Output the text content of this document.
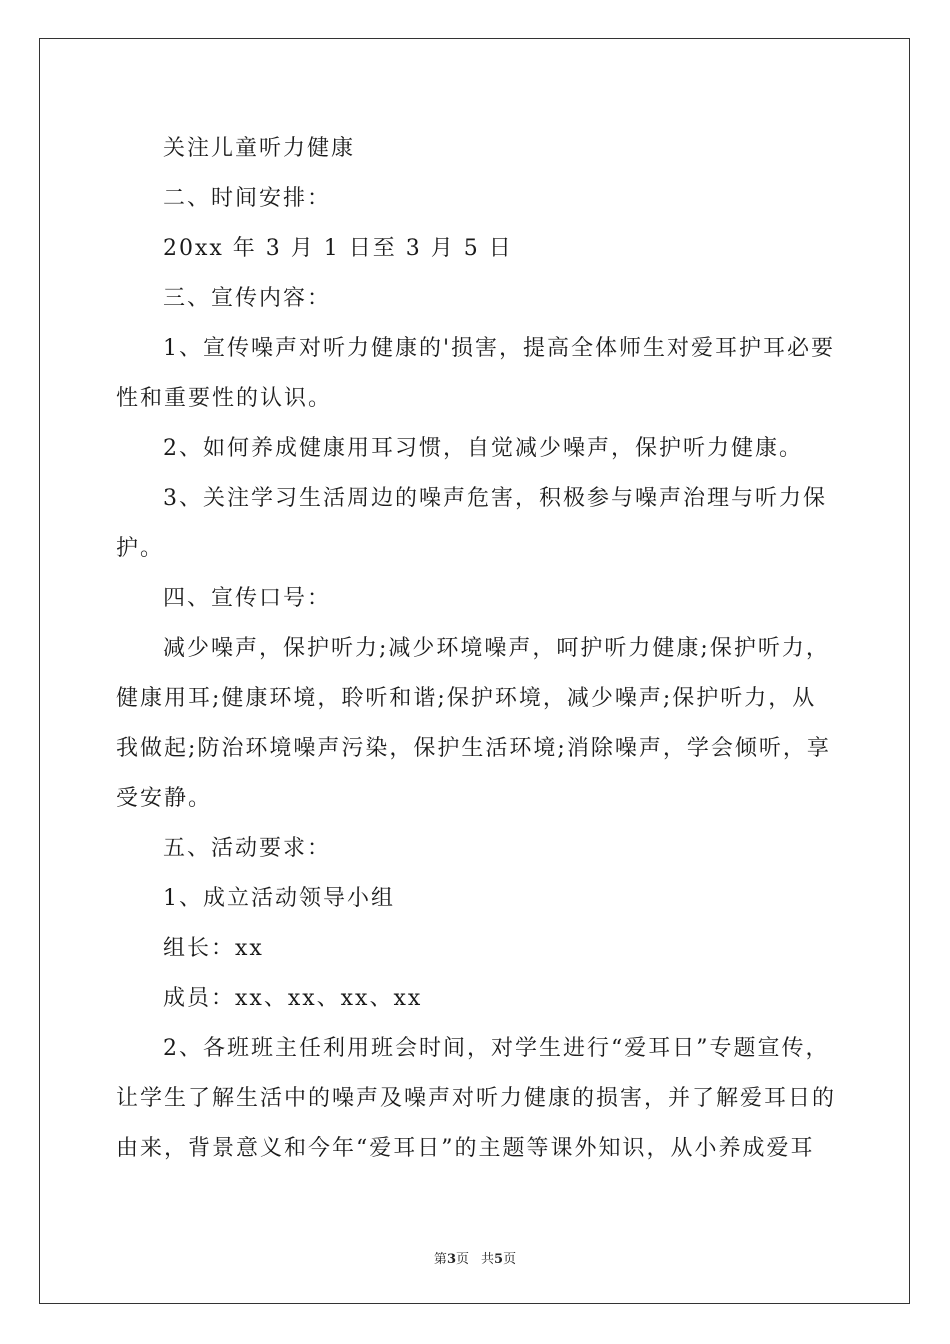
关注儿童听力健康
二、时间安排：
20xx 年 3 月 1 日至 3 月 5 日
三、宣传内容：
1、宣传噪声对听力健康的'损害，提高全体师生对爱耳护耳必要
性和重要性的认识。
2、如何养成健康用耳习惯，自觉减少噪声，保护听力健康。
3、关注学习生活周边的噪声危害，积极参与噪声治理与听力保
护。
四、宣传口号：
减少噪声，保护听力;减少环境噪声，呵护听力健康;保护听力，
健康用耳;健康环境，聆听和谐;保护环境，减少噪声;保护听力，从
我做起;防治环境噪声污染，保护生活环境;消除噪声，学会倾听，享
受安静。
五、活动要求：
1、成立活动领导小组
组长：xx
成员：xx、xx、xx、xx
2、各班班主任利用班会时间，对学生进行“爱耳日”专题宣传，
让学生了解生活中的噪声及噪声对听力健康的损害，并了解爱耳日的
由来，背景意义和今年“爱耳日”的主题等课外知识，从小养成爱耳
第3页 共5页
